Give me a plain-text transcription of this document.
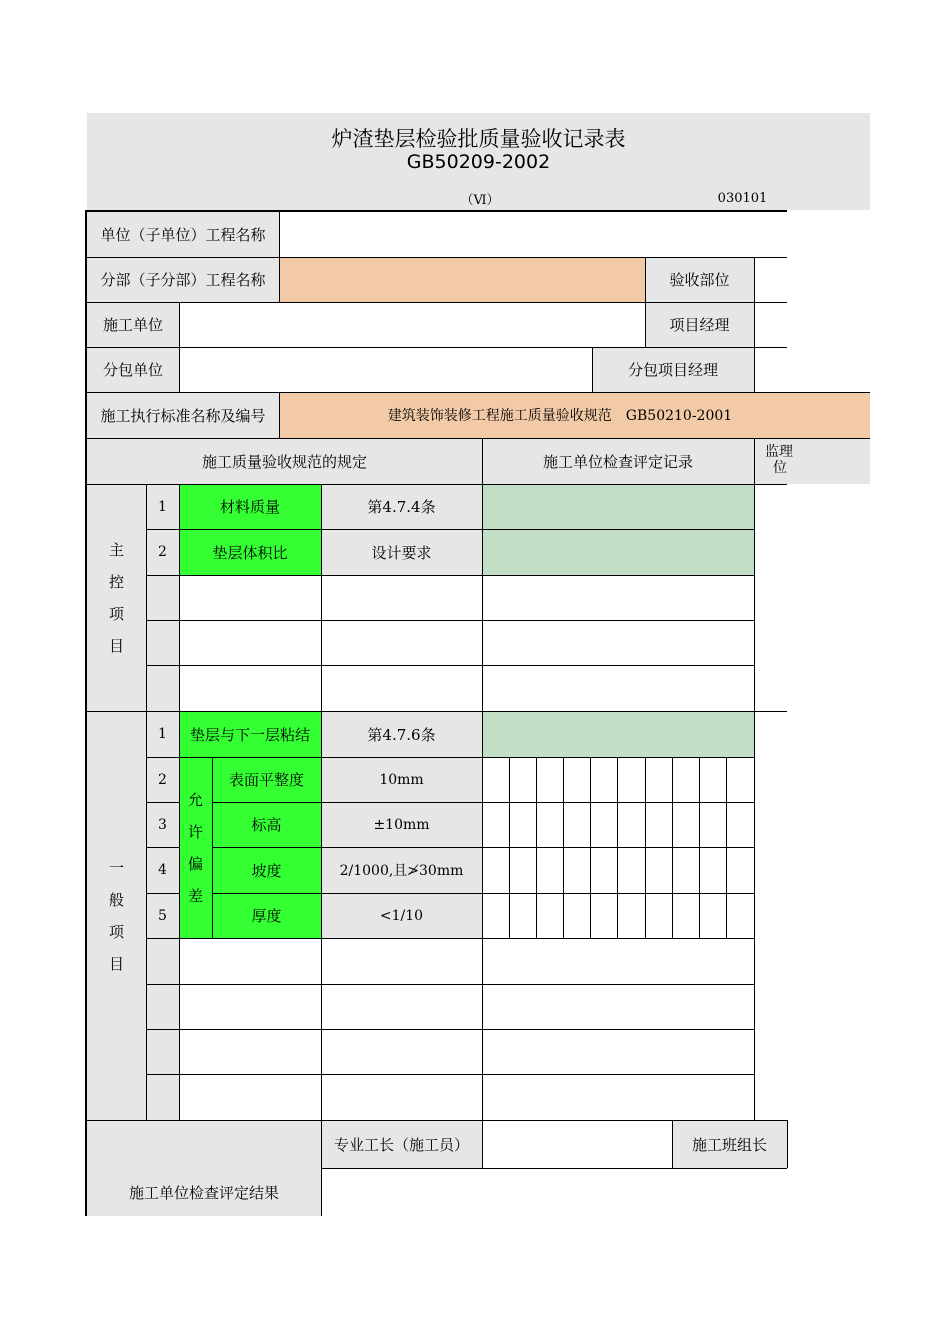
炉渣垫层检验批质量验收记录表
GB50209-2002
（Ⅵ）	030101
单位（子单位）工程名称
分部（子分部）工程名称	验收部位
施工单位	项目经理
分包单位	分包项目经理
施工执行标准名称及编号	建筑装饰装修工程施工质量验收规范　GB50210-2001
施工质量验收规范的规定	施工单位检查评定记录
监理
位
主
控
项
目
1	材料质量	第4.7.4条
2	垫层体积比	设计要求
一
般
项
目
1	垫层与下一层粘结	第4.7.6条
允
许
偏
差
2	表面平整度	10mm
3	标高	±10mm
4	坡度	2/1000,且≯30mm
5	厚度	<1/10
施工单位检查评定结果
专业工长（施工员）	施工班组长
